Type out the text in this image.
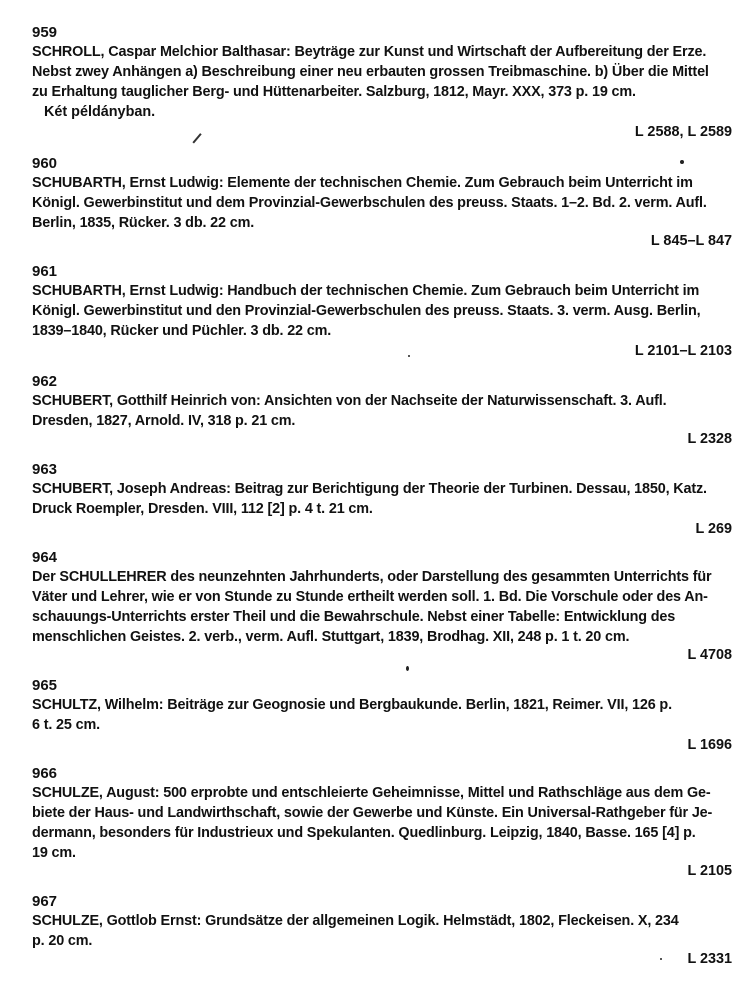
959
SCHROLL, Caspar Melchior Balthasar: Beyträge zur Kunst und Wirtschaft der Aufbereitung der Erze.
Nebst zwey Anhängen a) Beschreibung einer neu erbauten grossen Treibmaschine. b) Über die Mittel
zu Erhaltung tauglicher Berg- und Hüttenarbeiter. Salzburg, 1812, Mayr. XXX, 373 p. 19 cm.
Két példányban.
L 2588, L 2589
960
SCHUBARTH, Ernst Ludwig: Elemente der technischen Chemie. Zum Gebrauch beim Unterricht im
Königl. Gewerbinstitut und dem Provinzial-Gewerbschulen des preuss. Staats. 1–2. Bd. 2. verm. Aufl.
Berlin, 1835, Rücker. 3 db. 22 cm.
L 845–L 847
961
SCHUBARTH, Ernst Ludwig: Handbuch der technischen Chemie. Zum Gebrauch beim Unterricht im
Königl. Gewerbinstitut und den Provinzial-Gewerbschulen des preuss. Staats. 3. verm. Ausg. Berlin,
1839–1840, Rücker und Püchler. 3 db. 22 cm.
L 2101–L 2103
962
SCHUBERT, Gotthilf Heinrich von: Ansichten von der Nachseite der Naturwissenschaft. 3. Aufl.
Dresden, 1827, Arnold. IV, 318 p. 21 cm.
L 2328
963
SCHUBERT, Joseph Andreas: Beitrag zur Berichtigung der Theorie der Turbinen. Dessau, 1850, Katz.
Druck Roempler, Dresden. VIII, 112 [2] p. 4 t. 21 cm.
L 269
964
Der SCHULLEHRER des neunzehnten Jahrhunderts, oder Darstellung des gesammten Unterrichts für
Väter und Lehrer, wie er von Stunde zu Stunde ertheilt werden soll. 1. Bd. Die Vorschule oder des An-
schauungs-Unterrichts erster Theil und die Bewahrschule. Nebst einer Tabelle: Entwicklung des
menschlichen Geistes. 2. verb., verm. Aufl. Stuttgart, 1839, Brodhag. XII, 248 p. 1 t. 20 cm.
L 4708
965
SCHULTZ, Wilhelm: Beiträge zur Geognosie und Bergbaukunde. Berlin, 1821, Reimer. VII, 126 p.
6 t. 25 cm.
L 1696
966
SCHULZE, August: 500 erprobte und entschleierte Geheimnisse, Mittel und Rathschläge aus dem Ge-
biete der Haus- und Landwirthschaft, sowie der Gewerbe und Künste. Ein Universal-Rathgeber für Je-
dermann, besonders für Industrieux und Spekulanten. Quedlinburg. Leipzig, 1840, Basse. 165 [4] p.
19 cm.
L 2105
967
SCHULZE, Gottlob Ernst: Grundsätze der allgemeinen Logik. Helmstädt, 1802, Fleckeisen. X, 234
p. 20 cm.
L 2331
